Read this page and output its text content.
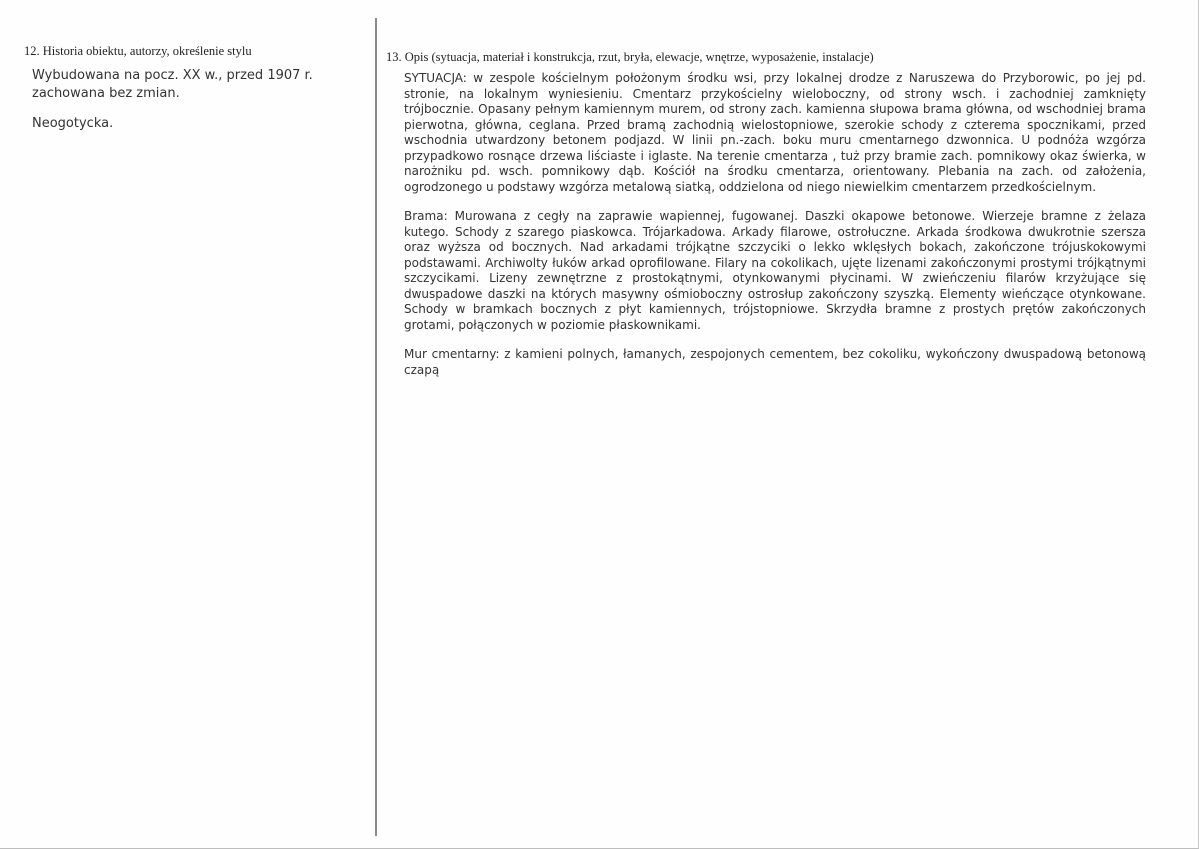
12. Historia obiektu, autorzy, określenie stylu
Wybudowana na pocz. XX w., przed 1907 r.
zachowana bez zmian.
Neogotycka.
13. Opis (sytuacja, materiał i konstrukcja, rzut, bryła, elewacje, wnętrze, wyposażenie, instalacje)

SYTUACJA: w zespole kościelnym położonym środku wsi, przy lokalnej drodze z Naruszewa do Przyborowic, po jej pd. stronie, na lokalnym wyniesieniu. Cmentarz przykościelny wieloboczny, od strony wsch. i zachodniej zamknięty trójbocznie. Opasany pełnym kamiennym murem, od strony zach. kamienna słupowa brama główna, od wschodniej brama pierwotna, główna, ceglana. Przed bramą zachodnią wielostopniowe, szerokie schody z czterema spocznikami, przed wschodnia utwardzony betonem podjazd. W linii pn.-zach. boku muru cmentarnego dzwonnica. U podnóża wzgórza przypadkowo rosnące drzewa liściaste i iglaste. Na terenie cmentarza , tuż przy bramie zach. pomnikowy okaz świerka, w narożniku pd. wsch. pomnikowy dąb. Kościół na środku cmentarza, orientowany. Plebania na zach. od założenia, ogrodzonego u podstawy wzgórza metalową siatką, oddzielona od niego niewielkim cmentarzem przedkościelnym.

Brama: Murowana z cegły na zaprawie wapiennej, fugowanej. Daszki okapowe betonowe. Wierzeje bramne z żelaza kutego. Schody z szarego piaskowca. Trójarkadowa. Arkady filarowe, ostrołuczne. Arkada środkowa dwukrotnie szersza oraz wyższa od bocznych. Nad arkadami trójkątne szczyciki o lekko wklęsłych bokach, zakończone trójuskokowymi podstawami. Archiwolty łuków arkad oprofilowane. Filary na cokolikach, ujęte lizenami zakończonymi prostymi trójkątnymi szczycikami. Lizeny zewnętrzne z prostokątnymi, otynkowanymi płycinami. W zwieńczeniu filarów krzyżujące się dwuspadowe daszki na których masywny ośmioboczny ostrosłup zakończony szyszką. Elementy wieńczące otynkowane. Schody w bramkach bocznych z płyt kamiennych, trójstopniowe. Skrzydła bramne z prostych prętów zakończonych grotami, połączonych w poziomie płaskownikami.

Mur cmentarny: z kamieni polnych, łamanych, zespojonych cementem, bez cokoliku, wykończony dwuspadową betonową czapą
